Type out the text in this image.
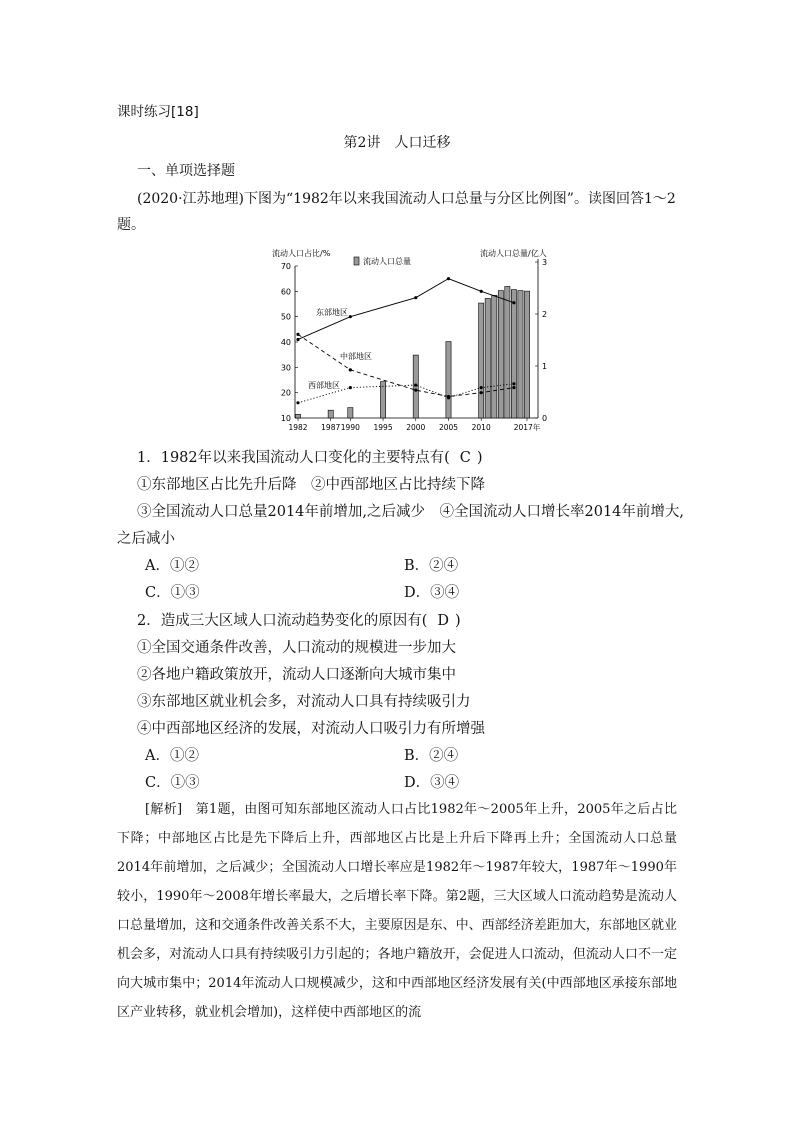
课时练习[18]
第2讲　人口迁移
一、单项选择题
(2020·江苏地理)下图为“1982年以来我国流动人口总量与分区比例图”。读图回答1～2
题。
流动人口占比/%	流动人口总量/亿人
流动人口总量
70
60
50
40
30
20
10
3
2
1
0
1982 1987 1990 1995 2000 2005 2010	2017年
东部地区
中部地区
西部地区
1．1982年以来我国流动人口变化的主要特点有( C )
①东部地区占比先升后降　②中西部地区占比持续下降
③全国流动人口总量2014年前增加,之后减少　④全国流动人口增长率2014年前增大,
之后减小
A．①②	B．②④
C．①③	D．③④
2．造成三大区域人口流动趋势变化的原因有( D )
①全国交通条件改善，人口流动的规模进一步加大
②各地户籍政策放开，流动人口逐渐向大城市集中
③东部地区就业机会多，对流动人口具有持续吸引力
④中西部地区经济的发展，对流动人口吸引力有所增强
A．①②	B．②④
C．①③	D．③④

[解析]　第1题，由图可知东部地区流动人口占比1982年～2005年上升，2005年之后占比下降；中部地区占比是先下降后上升，西部地区占比是上升后下降再上升；全国流动人口总量2014年前增加，之后减少；全国流动人口增长率应是1982年～1987年较大，1987年～1990年较小，1990年～2008年增长率最大，之后增长率下降。第2题，三大区域人口流动趋势是流动人口总量增加，这和交通条件改善关系不大，主要原因是东、中、西部经济差距加大，东部地区就业机会多，对流动人口具有持续吸引力引起的；各地户籍放开，会促进人口流动，但流动人口不一定向大城市集中；2014年流动人口规模减少，这和中西部地区经济发展有关(中西部地区承接东部地区产业转移，就业机会增加)，这样使中西部地区的流
